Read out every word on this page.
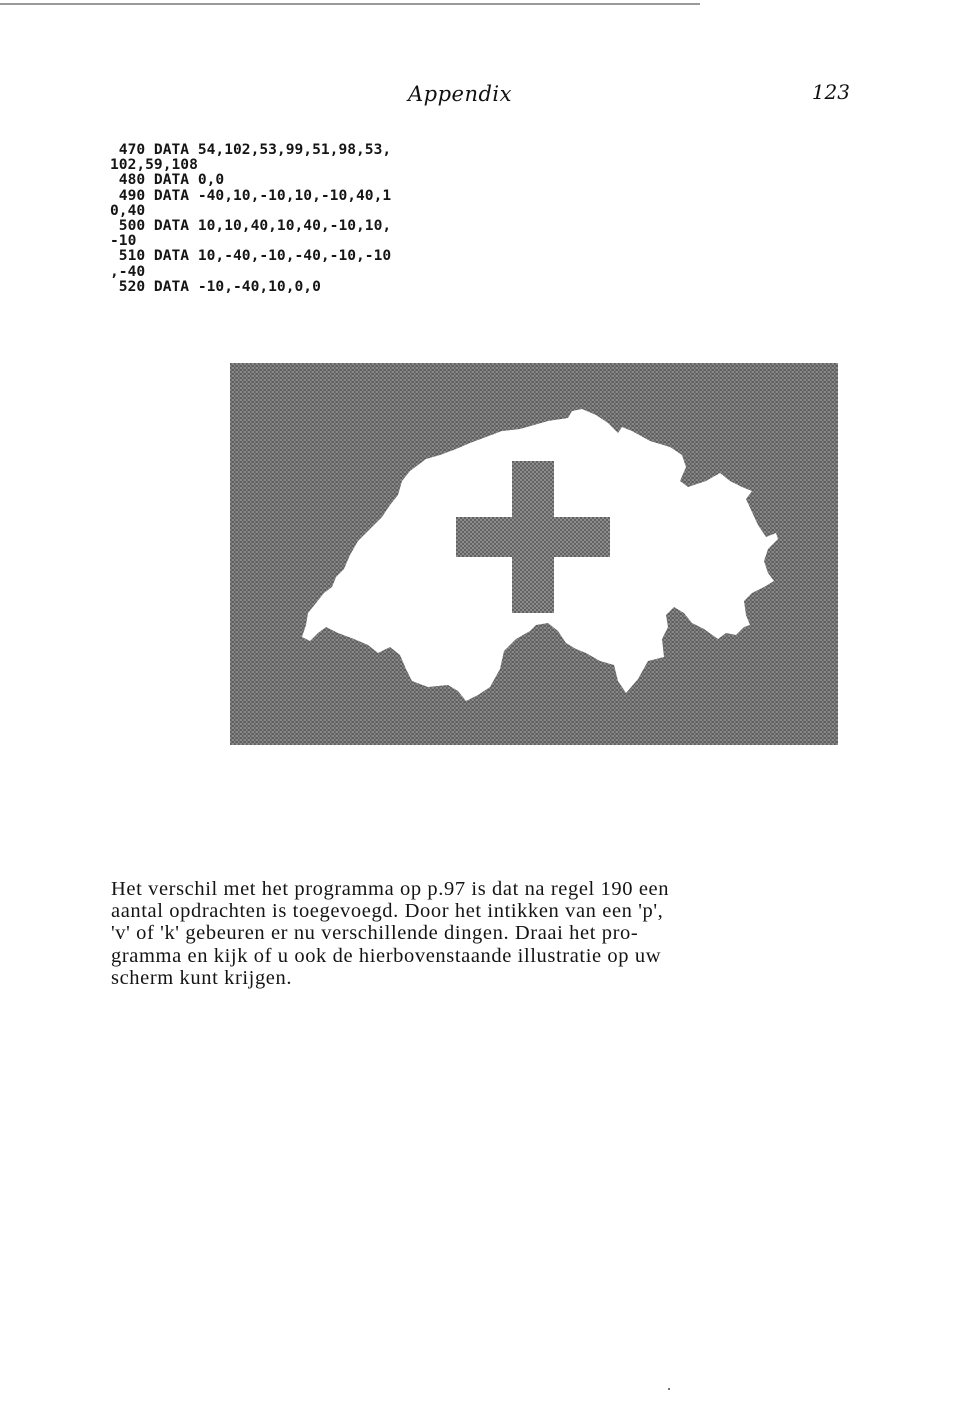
Appendix	123
470 DATA 54,102,53,99,51,98,53,
102,59,108
480 DATA 0,0
490 DATA -40,10,-10,10,-10,40,1
0,40
500 DATA 10,10,40,10,40,-10,10,
-10
510 DATA 10,-40,-10,-40,-10,-10
,-40
520 DATA -10,-40,10,0,0
Het verschil met het programma op p.97 is dat na regel 190 een
aantal opdrachten is toegevoegd. Door het intikken van een 'p',
'v' of 'k' gebeuren er nu verschillende dingen. Draai het pro-
gramma en kijk of u ook de hierbovenstaande illustratie op uw
scherm kunt krijgen.
